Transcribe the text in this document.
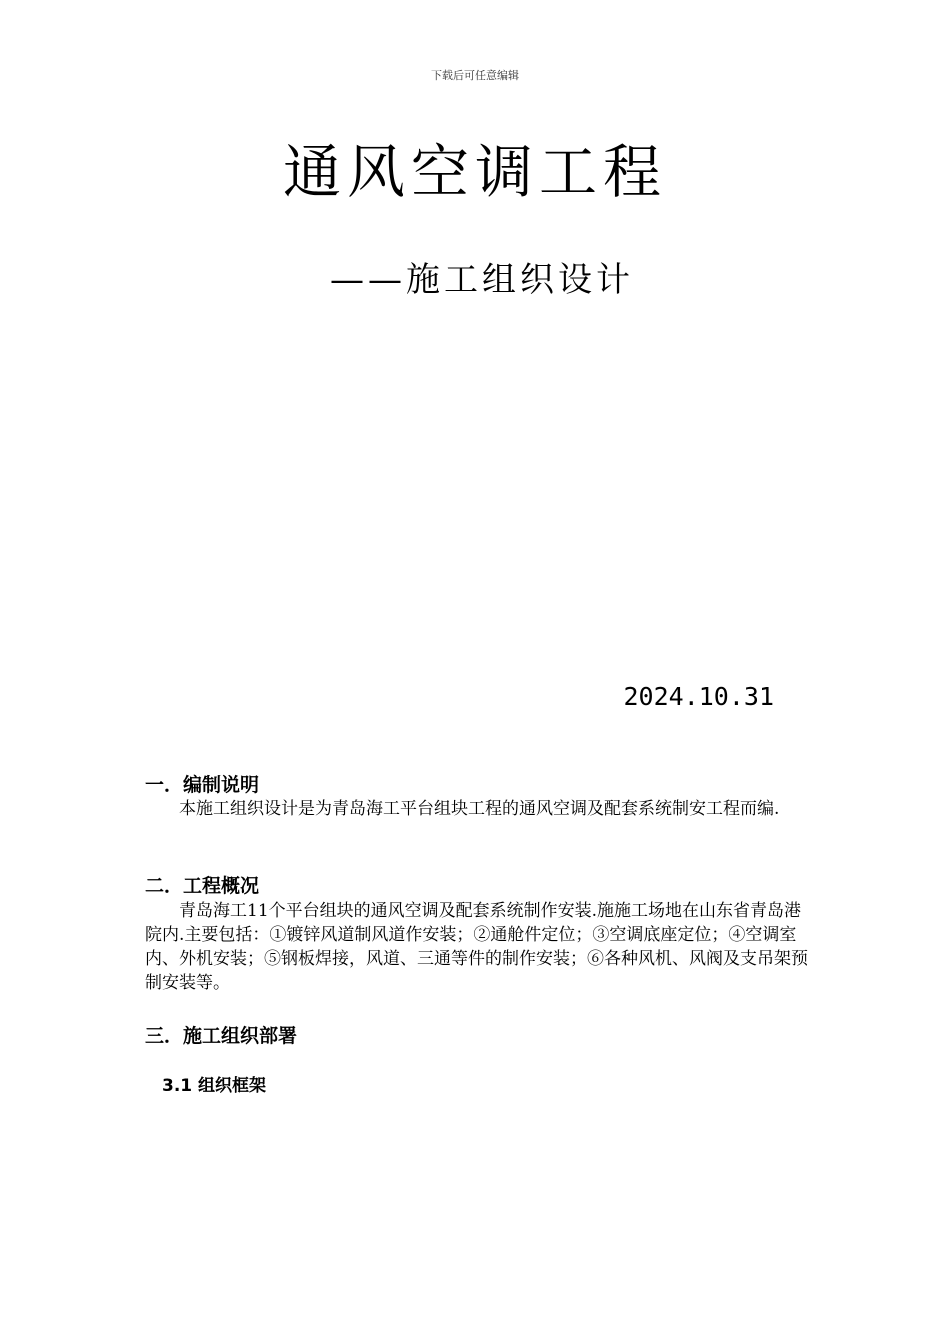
下载后可任意编辑
通风空调工程
——施工组织设计
2024.10.31
一．编制说明

本施工组织设计是为青岛海工平台组块工程的通风空调及配套系统制安工程而编.

二．工程概况

青岛海工11个平台组块的通风空调及配套系统制作安装.施施工场地在山东省青岛港院内.主要包括：①镀锌风道制风道作安装；②通舱件定位；③空调底座定位；④空调室内、外机安装；⑤钢板焊接，风道、三通等件的制作安装；⑥各种风机、风阀及支吊架预制安装等。

三．施工组织部署
3.1 组织框架
